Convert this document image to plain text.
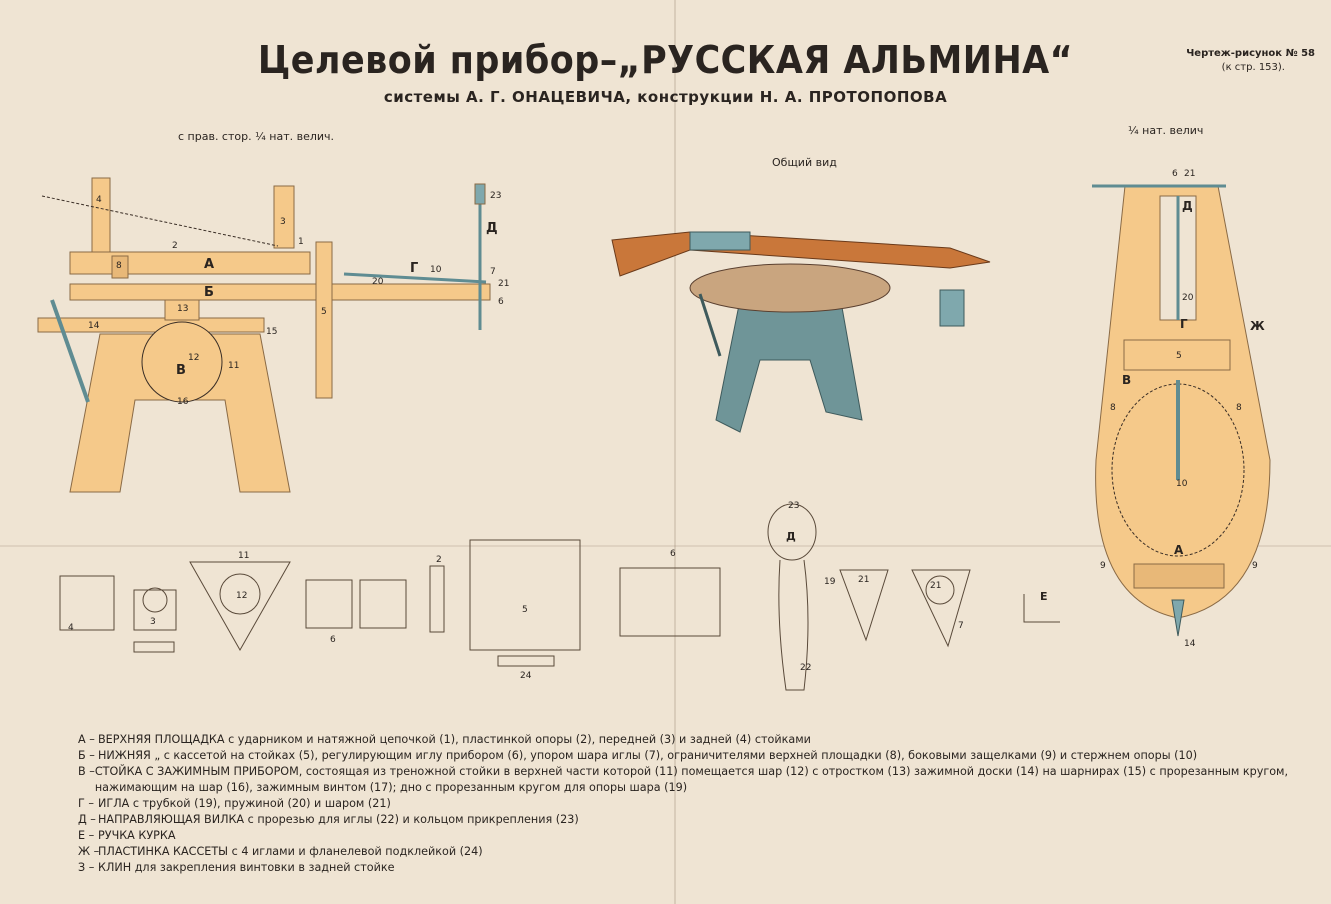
Целевой прибор–„РУССКАЯ АЛЬМИНА“
системы А. Г. ОНАЦЕВИЧА, конструкции Н. А. ПРОТОПОПОВА
Чертеж-рисунок № 58
(к стр. 153).
с прав. стор. ¼ нат. велич.
Общий вид
¼ нат. велич
А
Б
В
Г
Д
1
2
3
4
5
6
7
8	10
11
12
13
14
15
16
20	21
23
Д
Г	Ж
В
А
6 21
20
5
8	8
10
9	9
14
4
3
11
12
6
2
6
5
24
23
22
19	21
21
7
Д
Е
А – ВЕРХНЯЯ ПЛОЩАДКА с ударником и натяжной цепочкой (1), пластинкой опоры (2), передней (3) и задней (4) стойками
Б – НИЖНЯЯ „ с кассетой на стойках (5), регулирующим иглу прибором (6), упором шара иглы (7), ограничителями верхней площадки (8), боковыми защелками (9) и стержнем опоры (10)
В – СТОЙКА С ЗАЖИМНЫМ ПРИБОРОМ, состоящая из треножной стойки в верхней части которой (11) помещается шар (12) с отростком (13) зажимной доски (14) на шарнирах (15) с прорезанным кругом, нажимающим на шар (16), зажимным винтом (17); дно с прорезанным кругом для опоры шара (19)
Г – ИГЛА с трубкой (19), пружиной (20) и шаром (21)
Д – НАПРАВЛЯЮЩАЯ ВИЛКА с прорезью для иглы (22) и кольцом прикрепления (23)
Е – РУЧКА КУРКА
Ж –
ПЛАСТИНКА КАССЕТЫ с 4 иглами и фланелевой подклейкой (24)
З – КЛИН для закрепления винтовки в задней стойке
